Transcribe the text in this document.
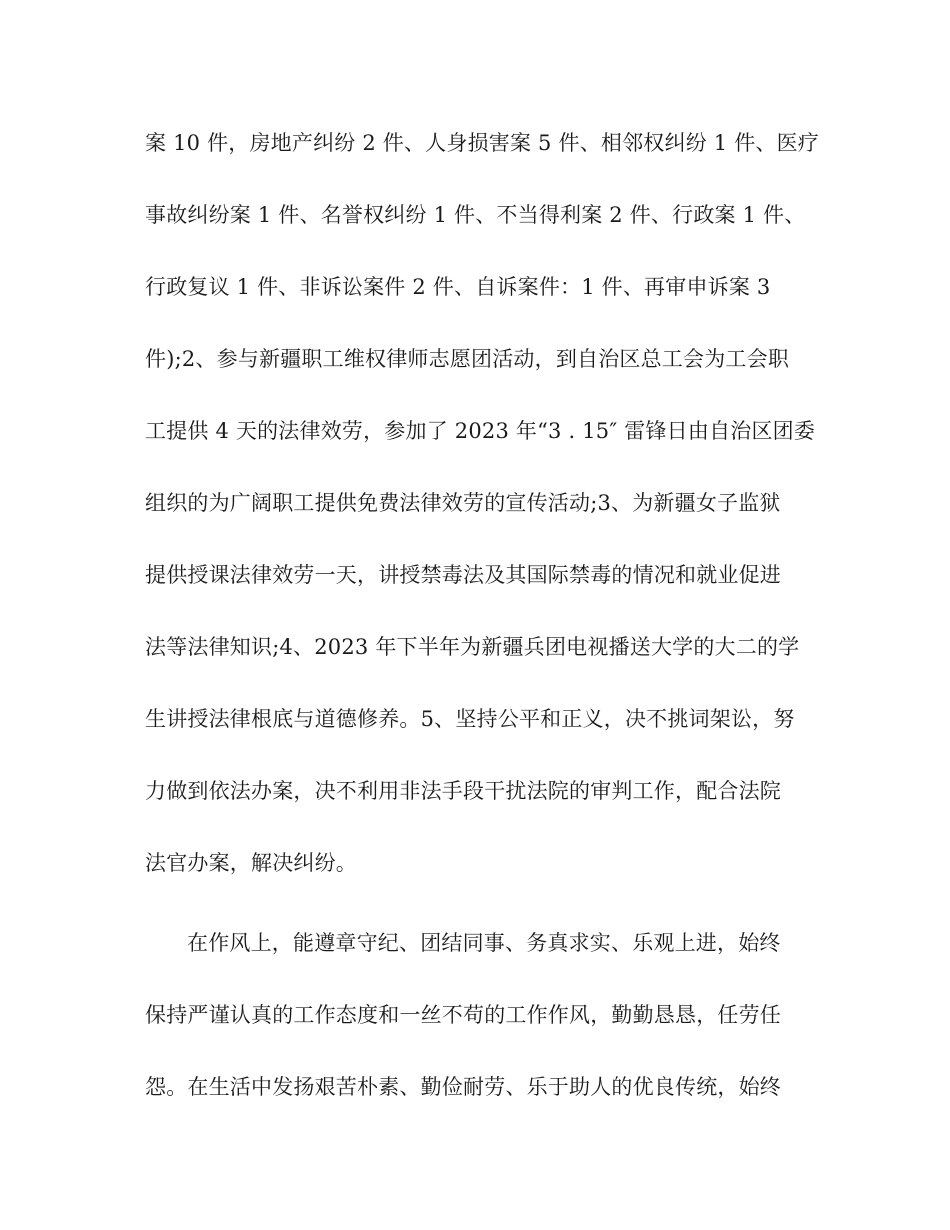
案 10 件，房地产纠纷 2 件、人身损害案 5 件、相邻权纠纷 1 件、医疗
事故纠纷案 1 件、名誉权纠纷 1 件、不当得利案 2 件、行政案 1 件、
行政复议 1 件、非诉讼案件 2 件、自诉案件：1 件、再审申诉案 3
件);2、参与新疆职工维权律师志愿团活动，到自治区总工会为工会职
工提供 4 天的法律效劳，参加了 2023 年“3 . 15″ 雷锋日由自治区团委
组织的为广阔职工提供免费法律效劳的宣传活动;3、为新疆女子监狱
提供授课法律效劳一天，讲授禁毒法及其国际禁毒的情况和就业促进
法等法律知识;4、2023 年下半年为新疆兵团电视播送大学的大二的学
生讲授法律根底与道德修养。5、坚持公平和正义，决不挑词架讼，努
力做到依法办案，决不利用非法手段干扰法院的审判工作，配合法院
法官办案，解决纠纷。
在作风上，能遵章守纪、团结同事、务真求实、乐观上进，始终
保持严谨认真的工作态度和一丝不苟的工作作风，勤勤恳恳，任劳任
怨。在生活中发扬艰苦朴素、勤俭耐劳、乐于助人的优良传统，始终
